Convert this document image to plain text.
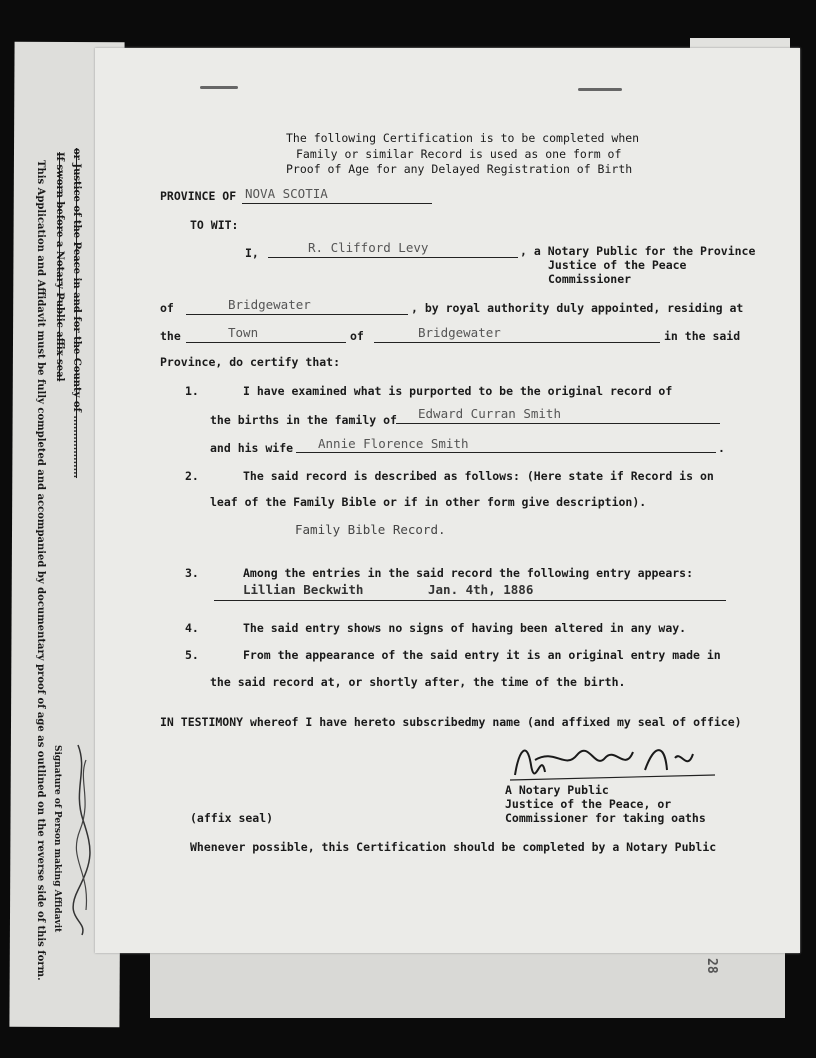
This Application and Affidavit must be fully completed and accompanied by documentary proof of age as outlined on the reverse side of this form. If sworn before a Notary Public affix seal or Justice of the Peace in and for the County of ..................
Signature of Person making Affidavit
28
The following Certification is to be completed when
Family or similar Record is used as one form of
Proof of Age for any Delayed Registration of Birth
PROVINCE OF NOVA SCOTIA
TO WIT:
I,	R. Clifford Levy	, a Notary Public for the Province
Justice of the Peace
Commissioner
of	Bridgewater	, by royal authority duly appointed, residing at
the	Town	of	Bridgewater	in the said
Province, do certify that:
1.	I have examined what is purported to be the original record of
the births in the family of Edward Curran Smith
and his wife Annie Florence Smith	.
2.	The said record is described as follows: (Here state if Record is on
leaf of the Family Bible or if in other form give description).
Family Bible Record.
3.	Among the entries in the said record the following entry appears:
Lillian Beckwith	Jan. 4th, 1886
4.	The said entry shows no signs of having been altered in any way.
5.	From the appearance of the said entry it is an original entry made in
the said record at, or shortly after, the time of the birth.
IN TESTIMONY whereof I have hereto subscribedmy name (and affixed my seal of office)
A Notary Public
Justice of the Peace, or
Commissioner for taking oaths
(affix seal)
Whenever possible, this Certification should be completed by a Notary Public
